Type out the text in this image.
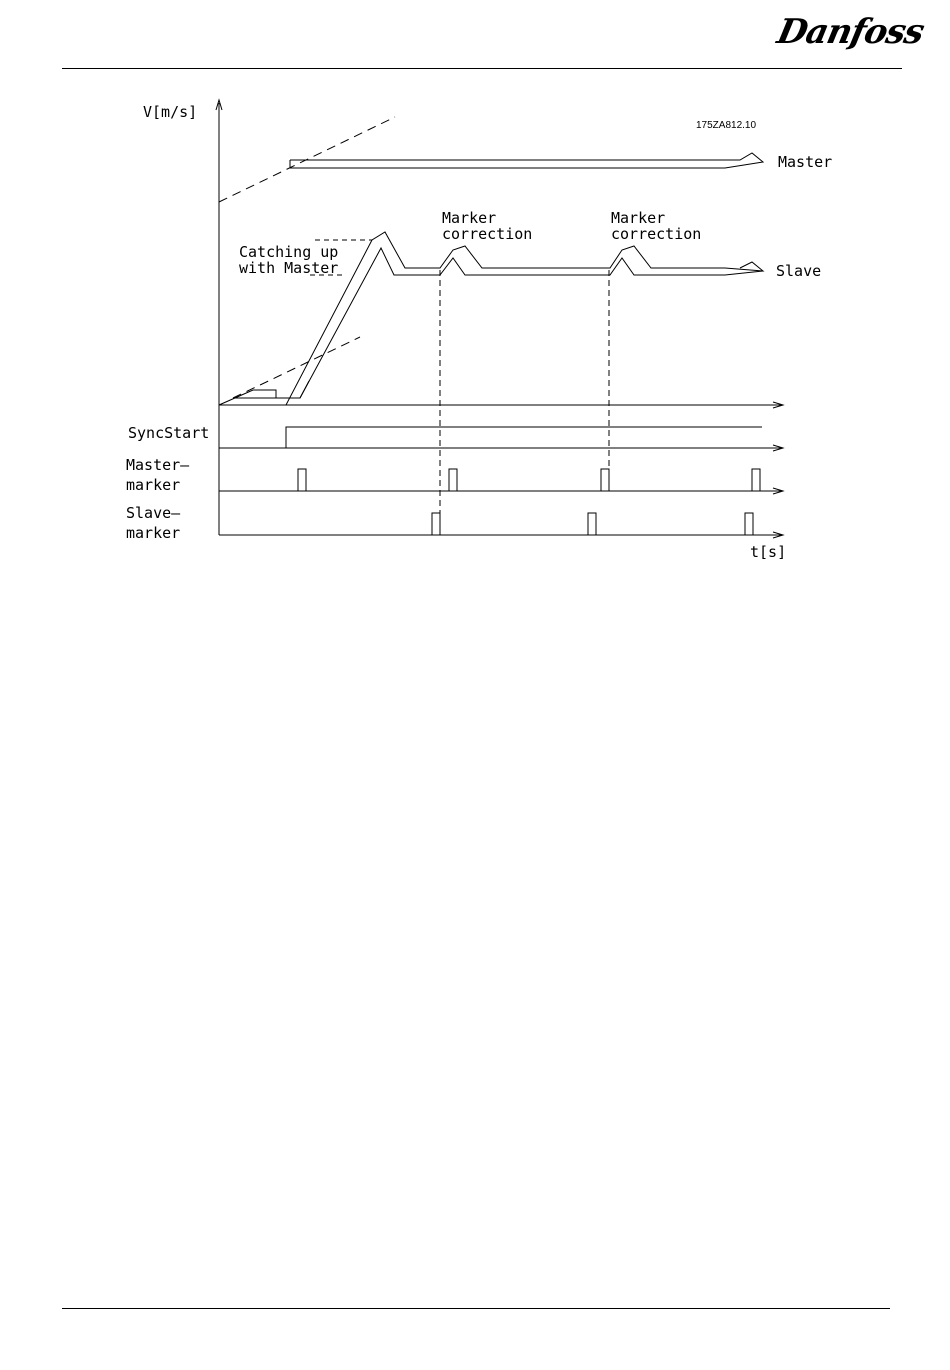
Danfoss
V[m/s]
175ZA812.10
Master
Slave
Catching up
with Master
Marker
correction
Marker
correction
SyncStart
Master–
marker
Slave–
marker
t[s]
